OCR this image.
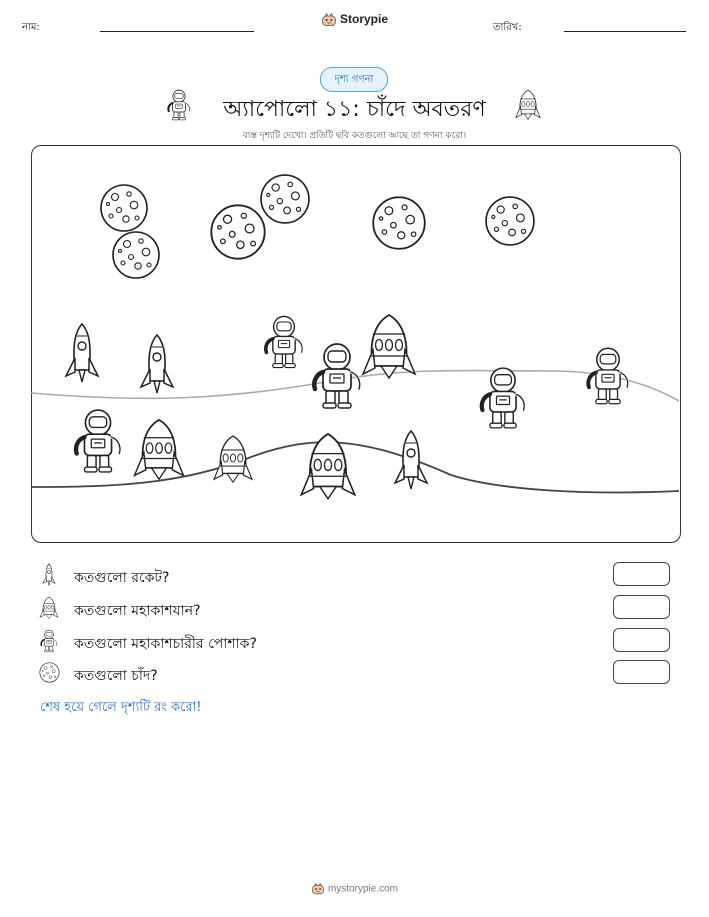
নাম:
Storypie
তারিখ:
দৃশ্য গণনা
অ্যাপোলো ১১: চাঁদে অবতরণ
ব্যস্ত দৃশ্যটি দেখো। প্রতিটি ছবি কতগুলো আছে তা গণনা করো।
কতগুলো রকেট?
কতগুলো মহাকাশযান?
কতগুলো মহাকাশচারীর পোশাক?
কতগুলো চাঁদ?
শেষ হয়ে গেলে দৃশ্যটি রং করো!
mystorypie.com
